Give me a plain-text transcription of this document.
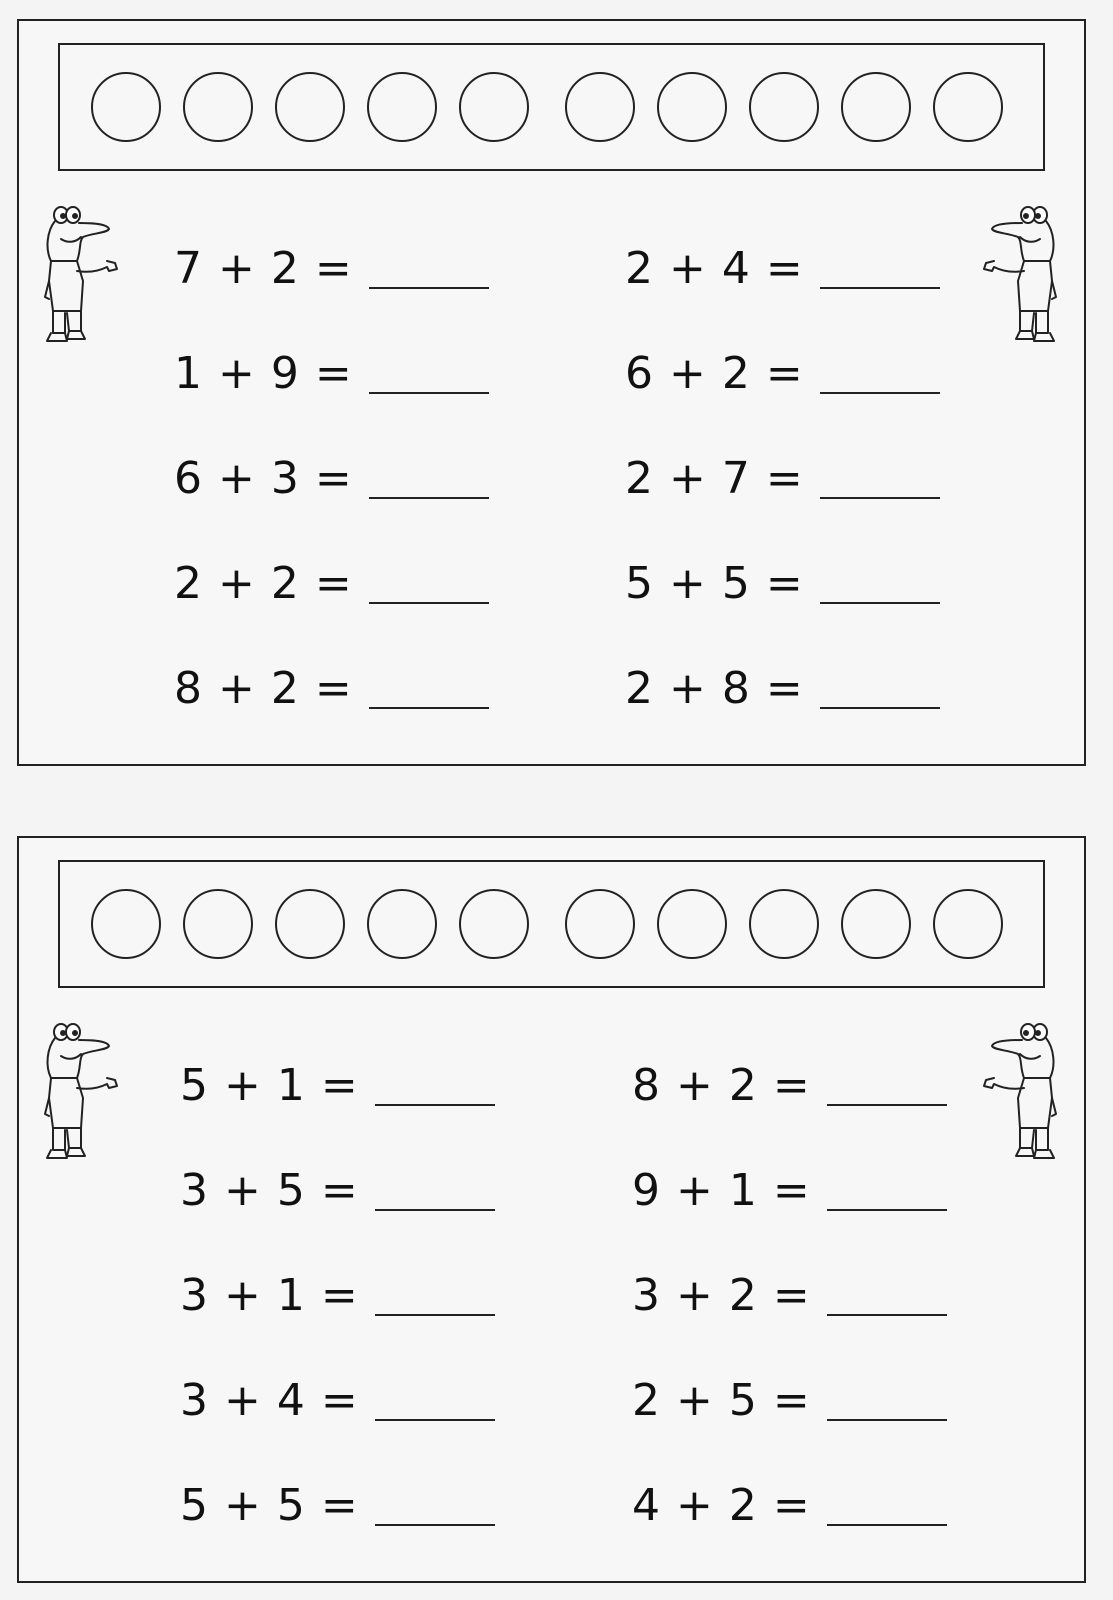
7 + 2 =
1 + 9 =
6 + 3 =
2 + 2 =
8 + 2 =
2 + 4 =
6 + 2 =
2 + 7 =
5 + 5 =
2 + 8 =
5 + 1 =
3 + 5 =
3 + 1 =
3 + 4 =
5 + 5 =
8 + 2 =
9 + 1 =
3 + 2 =
2 + 5 =
4 + 2 =
